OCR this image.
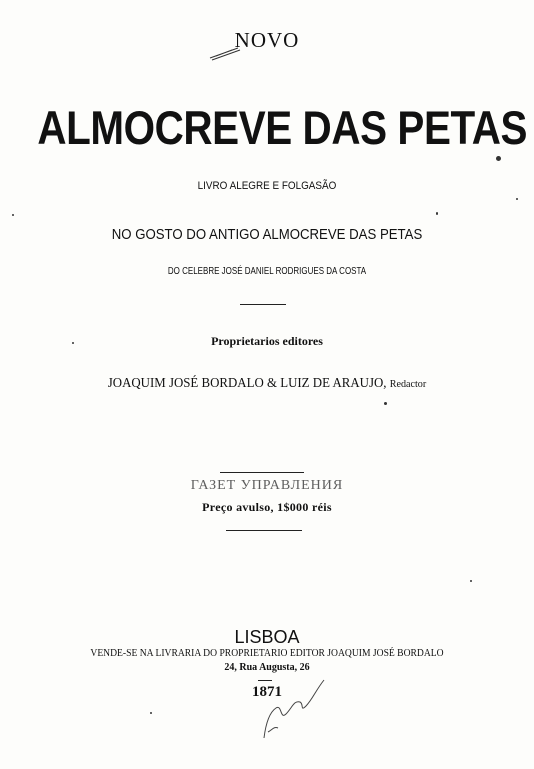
NOVO
ALMOCREVE DAS PETAS
LIVRO ALEGRE E FOLGASÃO
NO GOSTO DO ANTIGO ALMOCREVE DAS PETAS
DO CELEBRE JOSÉ DANIEL RODRIGUES DA COSTA
Proprietarios editores
JOAQUIM JOSÉ BORDALO & LUIZ DE ARAUJO, Redactor
ГАЗЕТ УПРАВЛЕНИЯ
Preço avulso, 1$000 réis
LISBOA
VENDE-SE NA LIVRARIA DO PROPRIETARIO EDITOR JOAQUIM JOSÉ BORDALO
24, Rua Augusta, 26
1871
